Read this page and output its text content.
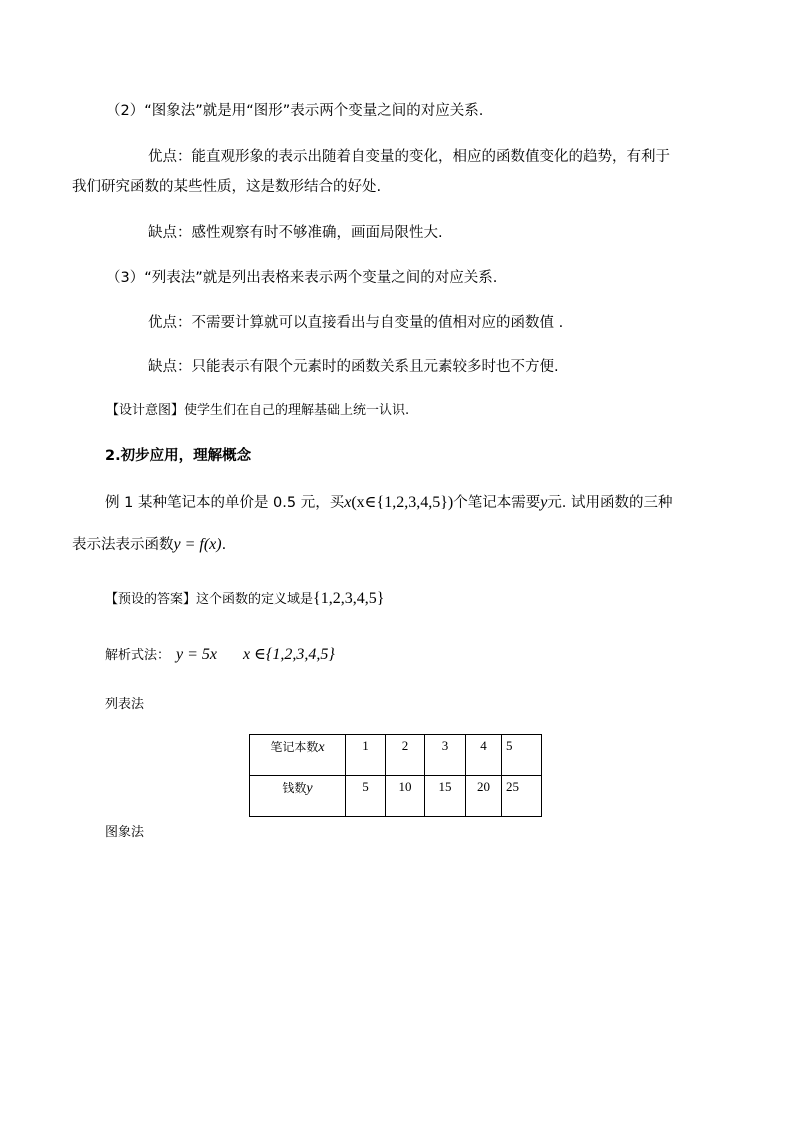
（2）“图象法”就是用“图形”表示两个变量之间的对应关系.
优点：能直观形象的表示出随着自变量的变化，相应的函数值变化的趋势，有利于
我们研究函数的某些性质，这是数形结合的好处.
缺点：感性观察有时不够准确，画面局限性大.
（3）“列表法”就是列出表格来表示两个变量之间的对应关系.
优点：不需要计算就可以直接看出与自变量的值相对应的函数值 .
缺点：只能表示有限个元素时的函数关系且元素较多时也不方便.
【设计意图】使学生们在自己的理解基础上统一认识.
2.初步应用，理解概念
例 1 某种笔记本的单价是 0.5 元，买x(x∈{1,2,3,4,5})个笔记本需要y元. 试用函数的三种
表示法表示函数y = f(x).
【预设的答案】这个函数的定义域是{1,2,3,4,5}
解析式法： y = 5x x ∈{1,2,3,4,5}
列表法
笔记本数x	1	2	3	4	5

钱数y	5	10	15	20	25
图象法
